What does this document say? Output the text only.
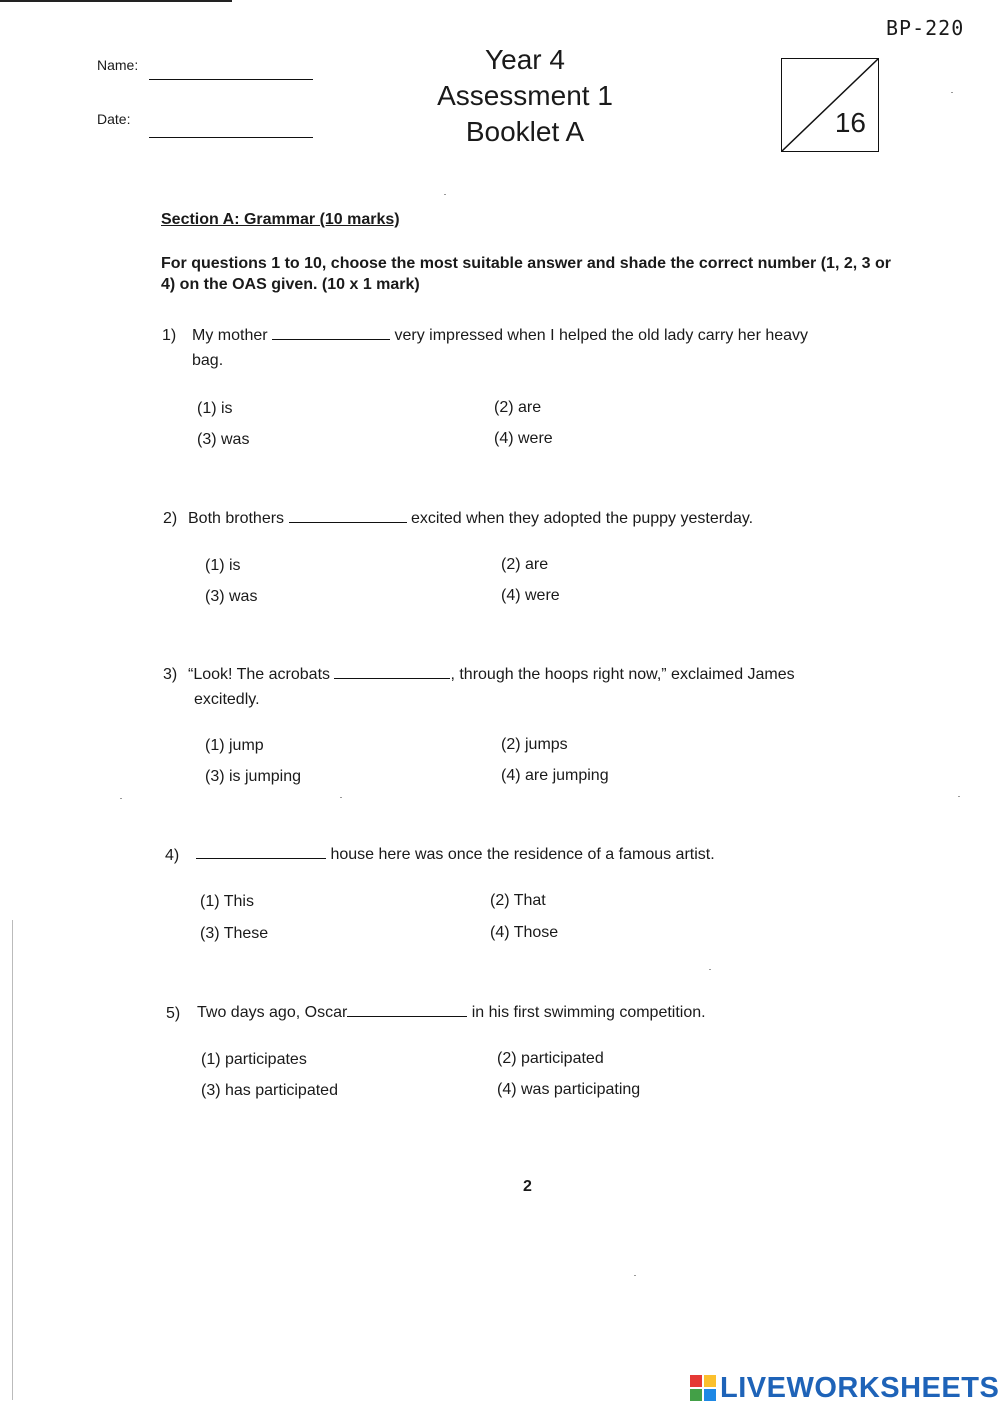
BP-220
Name:
Date:
Year 4
Assessment 1
Booklet A	16
Section A: Grammar (10 marks)
For questions 1 to 10, choose the most suitable answer and shade the correct number (1, 2, 3 or 4) on the OAS given. (10 x 1 mark)
1) My mother	very impressed when I helped the old lady carry her heavy
bag.
(1) is	(2) are
(3) was	(4) were
2) Both brothers	excited when they adopted the puppy yesterday.
(1) is	(2) are
(3) was	(4) were
3) “Look! The acrobats	, through the hoops right now,” exclaimed James
excitedly.
(1) jump	(2) jumps
(3) is jumping	(4) are jumping
4)	house here was once the residence of a famous artist.
(1) This	(2) That
(3) These	(4) Those
5) Two days ago, Oscar	in his first swimming competition.
(1) participates	(2) participated
(3) has participated	(4) was participating
2
LIVEWORKSHEETS
